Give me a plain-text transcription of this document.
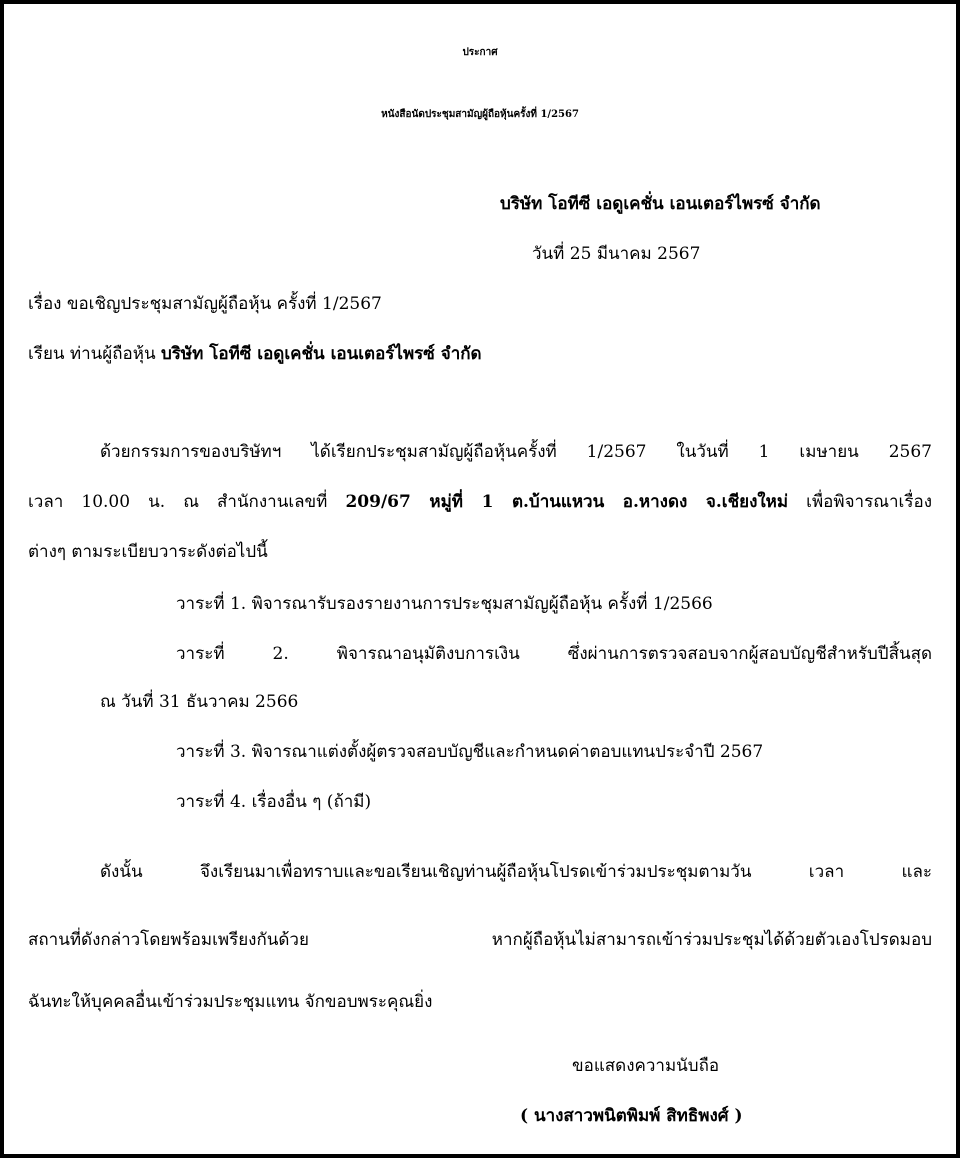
ประกาศ
หนังสือนัดประชุมสามัญผู้ถือหุ้นครั้งที่ 1/2567
บริษัท โอทีซี เอดูเคชั่น เอนเตอร์ไพรซ์ จำกัด
วันที่ 25 มีนาคม 2567
เรื่อง ขอเชิญประชุมสามัญผู้ถือหุ้น ครั้งที่ 1/2567
เรียน ท่านผู้ถือหุ้น บริษัท โอทีซี เอดูเคชั่น เอนเตอร์ไพรซ์ จำกัด
ด้วยกรรมการของบริษัทฯ ได้เรียกประชุมสามัญผู้ถือหุ้นครั้งที่ 1/2567 ในวันที่ 1 เมษายน 2567
เวลา 10.00 น. ณ สำนักงานเลขที่ 209/67 หมู่ที่ 1 ต.บ้านแหวน อ.หางดง จ.เชียงใหม่ เพื่อพิจารณาเรื่อง
ต่างๆ ตามระเบียบวาระดังต่อไปนี้
วาระที่ 1. พิจารณารับรองรายงานการประชุมสามัญผู้ถือหุ้น ครั้งที่ 1/2566
วาระที่ 2. พิจารณาอนุมัติงบการเงิน ซึ่งผ่านการตรวจสอบจากผู้สอบบัญชีสำหรับปีสิ้นสุด
ณ วันที่ 31 ธันวาคม 2566
วาระที่ 3. พิจารณาแต่งตั้งผู้ตรวจสอบบัญชีและกำหนดค่าตอบแทนประจำปี 2567
วาระที่ 4. เรื่องอื่น ๆ (ถ้ามี)
ดังนั้น จึงเรียนมาเพื่อทราบและขอเรียนเชิญท่านผู้ถือหุ้นโปรดเข้าร่วมประชุมตามวัน เวลา และ
สถานที่ดังกล่าวโดยพร้อมเพรียงกันด้วย หากผู้ถือหุ้นไม่สามารถเข้าร่วมประชุมได้ด้วยตัวเองโปรดมอบ
ฉันทะให้บุคคลอื่นเข้าร่วมประชุมแทน จักขอบพระคุณยิ่ง
ขอแสดงความนับถือ
( นางสาวพนิตพิมพ์ สิทธิพงศ์ )
